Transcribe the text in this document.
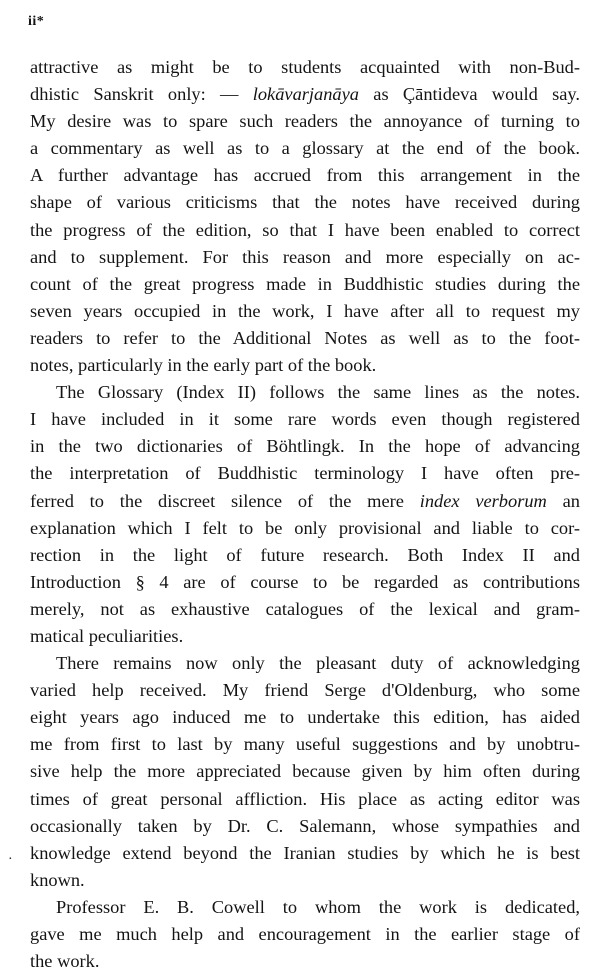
ii*
·
attractive as might be to students acquainted with non-Bud-
dhistic Sanskrit only: — lokāvarjanāya as Çāntideva would say.
My desire was to spare such readers the annoyance of turning to
a commentary as well as to a glossary at the end of the book.
A further advantage has accrued from this arrangement in the
shape of various criticisms that the notes have received during
the progress of the edition, so that I have been enabled to correct
and to supplement. For this reason and more especially on ac-
count of the great progress made in Buddhistic studies during the
seven years occupied in the work, I have after all to request my
readers to refer to the Additional Notes as well as to the foot-
notes, particularly in the early part of the book.
The Glossary (Index II) follows the same lines as the notes.
I have included in it some rare words even though registered
in the two dictionaries of Böhtlingk. In the hope of advancing
the interpretation of Buddhistic terminology I have often pre-
ferred to the discreet silence of the mere index verborum an
explanation which I felt to be only provisional and liable to cor-
rection in the light of future research. Both Index II and
Introduction § 4 are of course to be regarded as contributions
merely, not as exhaustive catalogues of the lexical and gram-
matical peculiarities.
There remains now only the pleasant duty of acknowledging
varied help received. My friend Serge d'Oldenburg, who some
eight years ago induced me to undertake this edition, has aided
me from first to last by many useful suggestions and by unobtru-
sive help the more appreciated because given by him often during
times of great personal affliction. His place as acting editor was
occasionally taken by Dr. C. Salemann, whose sympathies and
knowledge extend beyond the Iranian studies by which he is best
known.
Professor E. B. Cowell to whom the work is dedicated,
gave me much help and encouragement in the earlier stage of
the work.
